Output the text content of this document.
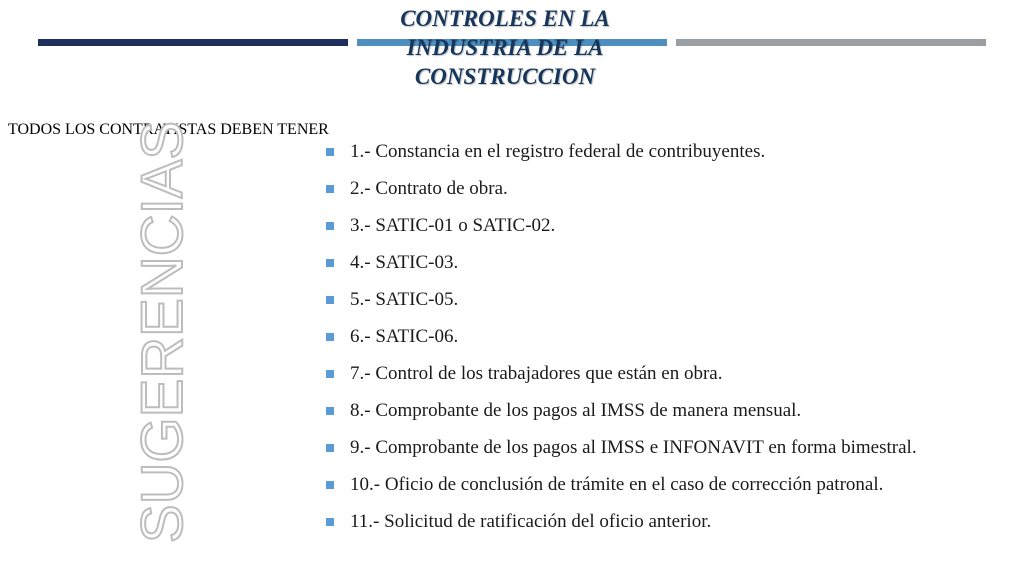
CONTROLES EN LA
INDUSTRIA DE LA
CONSTRUCCION
TODOS LOS CONTRATISTAS DEBEN TENER
SUGERENCIAS	1.- Constancia en el registro federal de contribuyentes.
2.- Contrato de obra.
3.- SATIC-01 o SATIC-02.
4.- SATIC-03.
5.- SATIC-05.
6.- SATIC-06.
7.- Control de los trabajadores que están en obra.
8.- Comprobante de los pagos al IMSS de manera mensual.
9.- Comprobante de los pagos al IMSS e INFONAVIT en forma bimestral.
10.- Oficio de conclusión de trámite en el caso de corrección patronal.
11.- Solicitud de ratificación del oficio anterior.
